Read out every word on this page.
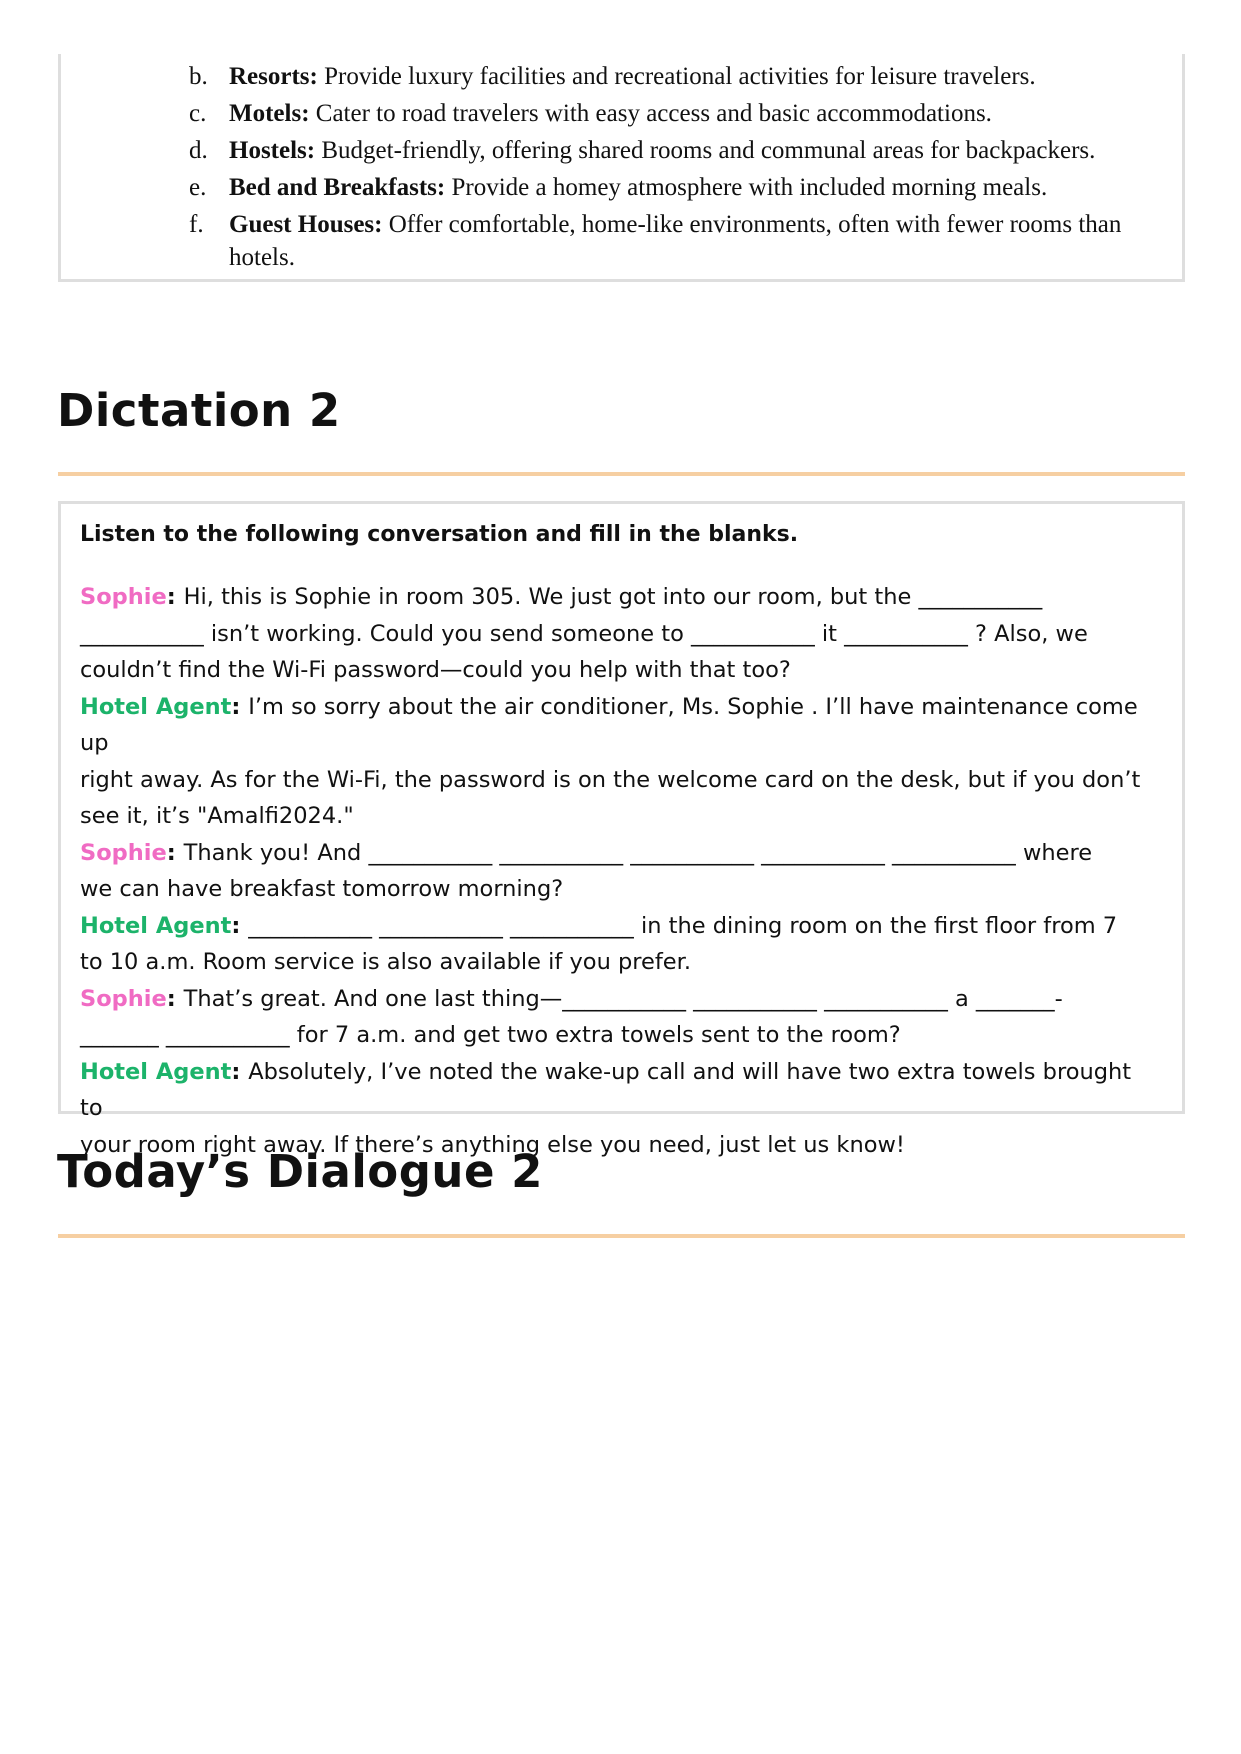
b. Resorts: Provide luxury facilities and recreational activities for leisure travelers.
c. Motels: Cater to road travelers with easy access and basic accommodations.
d. Hostels: Budget-friendly, offering shared rooms and communal areas for backpackers.
e. Bed and Breakfasts: Provide a homey atmosphere with included morning meals.
f. Guest Houses: Offer comfortable, home-like environments, often with fewer rooms than
hotels.
Dictation 2

Listen to the following conversation and fill in the blanks.

Sophie: Hi, this is Sophie in room 305. We just got into our room, but the ___________
___________ isn’t working. Could you send someone to ___________ it ___________ ? Also, we
couldn’t find the Wi-Fi password—could you help with that too?

Hotel Agent: I’m so sorry about the air conditioner, Ms. Sophie . I’ll have maintenance come up
right away. As for the Wi-Fi, the password is on the welcome card on the desk, but if you don’t
see it, it’s "Amalfi2024."

Sophie: Thank you! And ___________ ___________ ___________ ___________ ___________ where
we can have breakfast tomorrow morning?

Hotel Agent: ___________ ___________ ___________ in the dining room on the first floor from 7
to 10 a.m. Room service is also available if you prefer.

Sophie: That’s great. And one last thing—___________ ___________ ___________ a _______-
_______ ___________ for 7 a.m. and get two extra towels sent to the room?

Hotel Agent: Absolutely, I’ve noted the wake-up call and will have two extra towels brought to
your room right away. If there’s anything else you need, just let us know!

Today’s Dialogue 2
